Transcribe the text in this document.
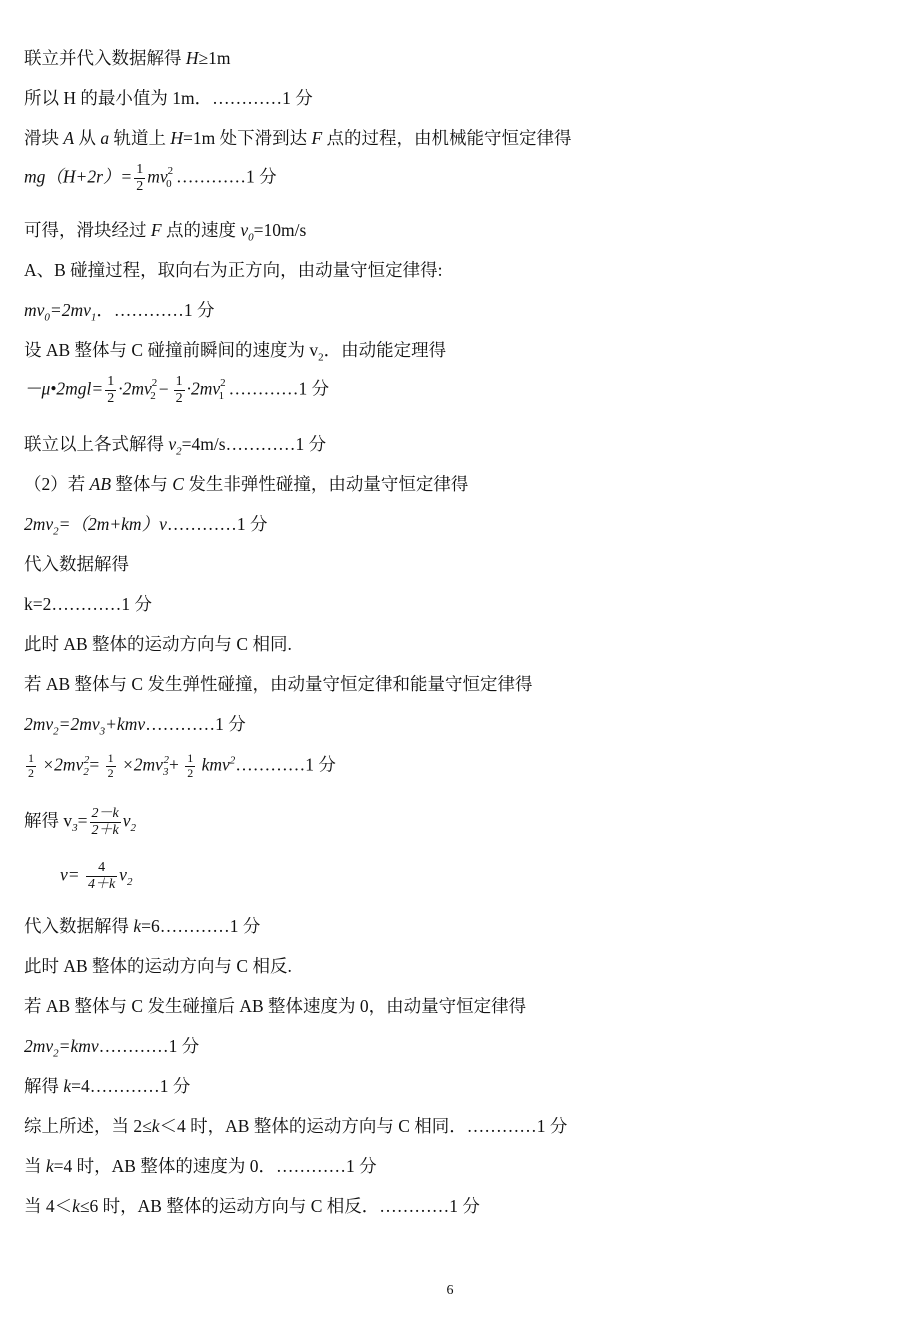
联立并代入数据解得 H≥1m
所以 H 的最小值为 1m．…………1 分
滑块 A 从 a 轨道上 H=1m 处下滑到达 F 点的过程，由机械能守恒定律得
$mg(H+2r)= \frac{1}{2} mv^2_0$ …………1 分
可得，滑块经过 F 点的速度 $v_0=10m/s$
A、B 碰撞过程，取向右为正方向，由动量守恒定律得:
$mv_0=2mv_1$．…………1 分
设 AB 整体与 C 碰撞前瞬间的速度为 $v_2$．由动能定理得
－μ•2mgl= $\frac{1}{2} \cdot 2mv^2_2 - \frac{1}{2} \cdot 2mv^2_1$ …………1 分
联立以上各式解得 $v_2=4m/s\dots\dots\dots\dots 1$ 分
（2）若 AB 整体与 C 发生非弹性碰撞，由动量守恒定律得
$2mv_2=(2m+km)v\dots\dots\dots\dots 1$ 分
代入数据解得
k=2…………1 分
此时 AB 整体的运动方向与 C 相同.
若 AB 整体与 C 发生弹性碰撞，由动量守恒定律和能量守恒定律得
$2mv_2=2mv_3+kmv\dots\dots\dots\dots 1$ 分
$\frac{1}{2} \times 2mv_2^2= \frac{1}{2} \times 2mv_3^2+ \frac{1}{2}$ kmv$^2$…………1 分
解得 $v_3= \frac{2-k}{2+k} v_2$
$v= \frac{4}{4+k} v_2$
代入数据解得 k=6…………1 分
此时 AB 整体的运动方向与 C 相反.
若 AB 整体与 C 发生碰撞后 AB 整体速度为 0，由动量守恒定律得
$2mv_2=kmv\dots\dots\dots\dots 1$ 分
解得 k=4…………1 分
综上所述，当 2≤k＜4 时，AB 整体的运动方向与 C 相同．…………1 分
当 k=4 时，AB 整体的速度为 0．…………1 分
当 4＜k≤6 时，AB 整体的运动方向与 C 相反．…………1 分
6
